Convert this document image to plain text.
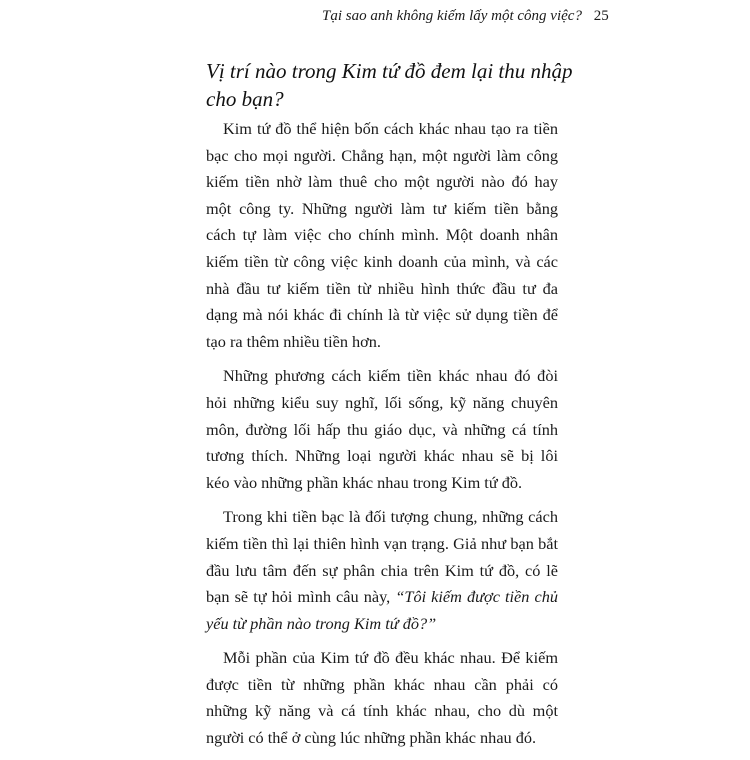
Tại sao anh không kiếm lấy một công việc? 25
Vị trí nào trong Kim tứ đồ đem lại thu nhập cho bạn?

Kim tứ đồ thể hiện bốn cách khác nhau tạo ra tiền bạc cho mọi người. Chẳng hạn, một người làm công kiếm tiền nhờ làm thuê cho một người nào đó hay một công ty. Những người làm tư kiếm tiền bằng cách tự làm việc cho chính mình. Một doanh nhân kiếm tiền từ công việc kinh doanh của mình, và các nhà đầu tư kiếm tiền từ nhiều hình thức đầu tư đa dạng mà nói khác đi chính là từ việc sử dụng tiền để tạo ra thêm nhiều tiền hơn.

Những phương cách kiếm tiền khác nhau đó đòi hỏi những kiểu suy nghĩ, lối sống, kỹ năng chuyên môn, đường lối hấp thu giáo dục, và những cá tính tương thích. Những loại người khác nhau sẽ bị lôi kéo vào những phần khác nhau trong Kim tứ đồ.

Trong khi tiền bạc là đối tượng chung, những cách kiếm tiền thì lại thiên hình vạn trạng. Giả như bạn bắt đầu lưu tâm đến sự phân chia trên Kim tứ đồ, có lẽ bạn sẽ tự hỏi mình câu này, “Tôi kiếm được tiền chủ yếu từ phần nào trong Kim tứ đồ?”

Mỗi phần của Kim tứ đồ đều khác nhau. Để kiếm được tiền từ những phần khác nhau cần phải có những kỹ năng và cá tính khác nhau, cho dù một người có thể ở cùng lúc những phần khác nhau đó.
